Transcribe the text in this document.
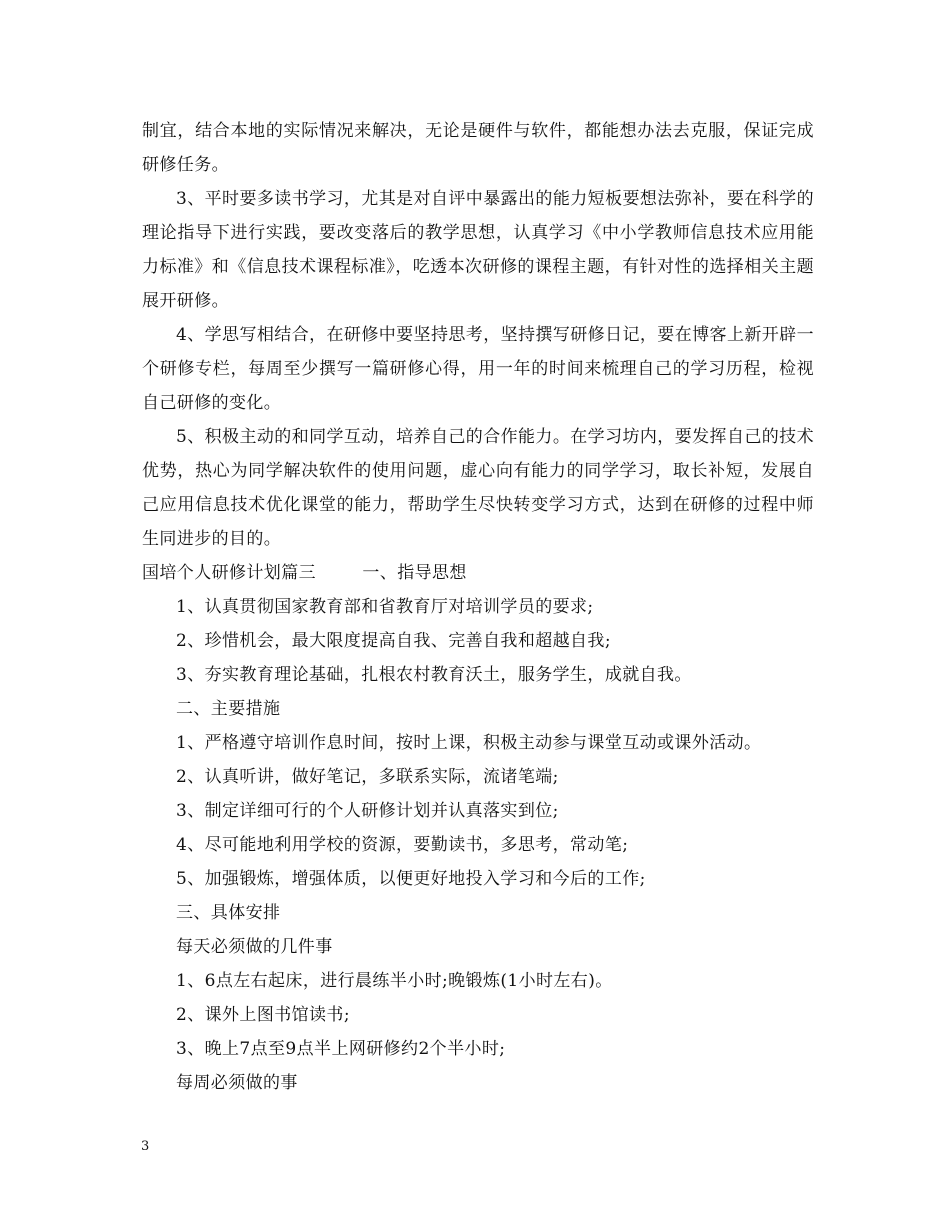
制宜，结合本地的实际情况来解决，无论是硬件与软件，都能想办法去克服，保证完成研修任务。

3、平时要多读书学习，尤其是对自评中暴露出的能力短板要想法弥补，要在科学的理论指导下进行实践，要改变落后的教学思想，认真学习《中小学教师信息技术应用能力标准》和《信息技术课程标准》，吃透本次研修的课程主题，有针对性的选择相关主题展开研修。

4、学思写相结合，在研修中要坚持思考，坚持撰写研修日记，要在博客上新开辟一个研修专栏，每周至少撰写一篇研修心得，用一年的时间来梳理自己的学习历程，检视自己研修的变化。

5、积极主动的和同学互动，培养自己的合作能力。在学习坊内，要发挥自己的技术优势，热心为同学解决软件的使用问题，虚心向有能力的同学学习，取长补短，发展自己应用信息技术优化课堂的能力，帮助学生尽快转变学习方式，达到在研修的过程中师生同进步的目的。

国培个人研修计划篇三        一、指导思想

1、认真贯彻国家教育部和省教育厅对培训学员的要求;

2、珍惜机会，最大限度提高自我、完善自我和超越自我;

3、夯实教育理论基础，扎根农村教育沃土，服务学生，成就自我。

二、主要措施

1、严格遵守培训作息时间，按时上课，积极主动参与课堂互动或课外活动。

2、认真听讲，做好笔记，多联系实际，流诸笔端;

3、制定详细可行的个人研修计划并认真落实到位;

4、尽可能地利用学校的资源，要勤读书，多思考，常动笔;

5、加强锻炼，增强体质，以便更好地投入学习和今后的工作;

三、具体安排

每天必须做的几件事

1、6点左右起床，进行晨练半小时;晚锻炼(1小时左右)。

2、课外上图书馆读书;

3、晚上7点至9点半上网研修约2个半小时;

每周必须做的事

3
